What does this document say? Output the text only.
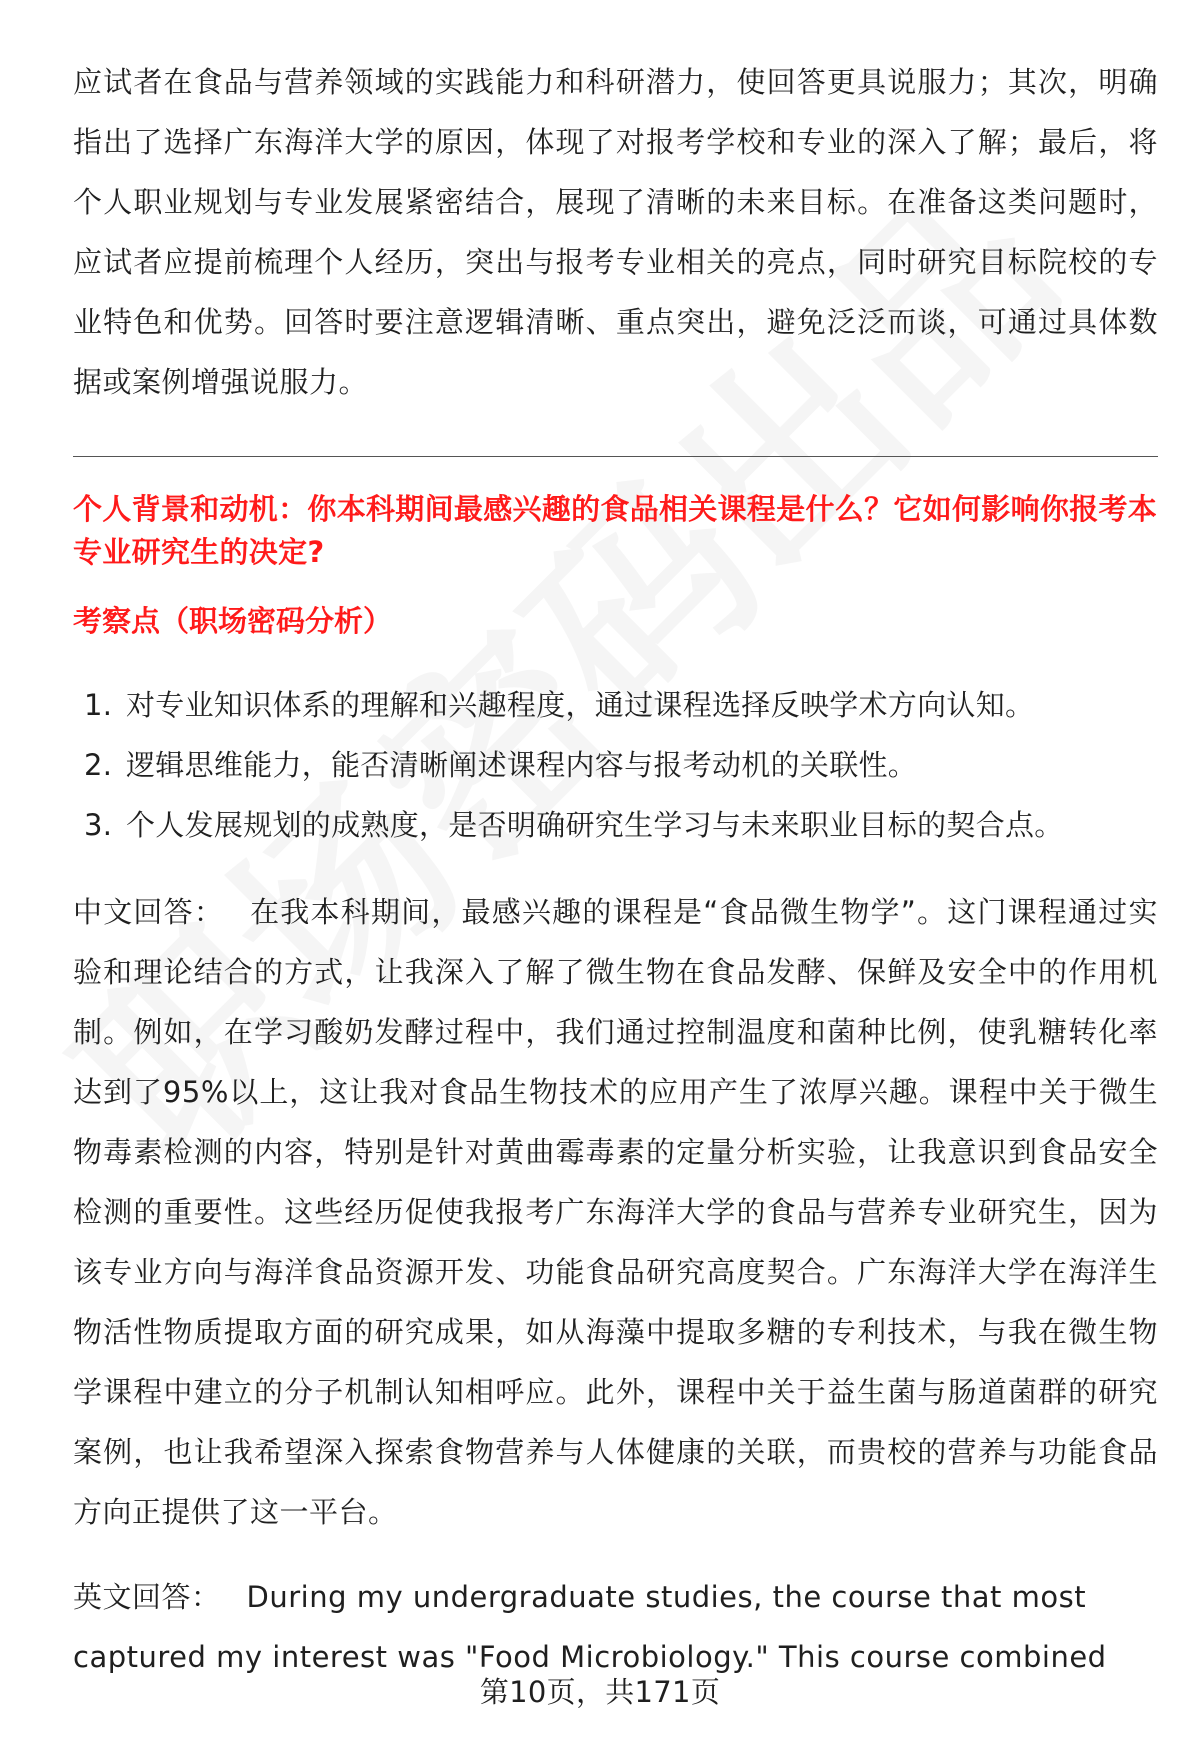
应试者在食品与营养领域的实践能力和科研潜力，使回答更具说服力；其次，明确指出了选择广东海洋大学的原因，体现了对报考学校和专业的深入了解；最后，将个人职业规划与专业发展紧密结合，展现了清晰的未来目标。在准备这类问题时，应试者应提前梳理个人经历，突出与报考专业相关的亮点，同时研究目标院校的专业特色和优势。回答时要注意逻辑清晰、重点突出，避免泛泛而谈，可通过具体数据或案例增强说服力。

个人背景和动机：你本科期间最感兴趣的食品相关课程是什么？它如何影响你报考本专业研究生的决定?
考察点（职场密码分析）
1. 对专业知识体系的理解和兴趣程度，通过课程选择反映学术方向认知。
2. 逻辑思维能力，能否清晰阐述课程内容与报考动机的关联性。
3. 个人发展规划的成熟度，是否明确研究生学习与未来职业目标的契合点。

中文回答： 在我本科期间，最感兴趣的课程是“食品微生物学”。这门课程通过实验和理论结合的方式，让我深入了解了微生物在食品发酵、保鲜及安全中的作用机制。例如，在学习酸奶发酵过程中，我们通过控制温度和菌种比例，使乳糖转化率达到了95%以上，这让我对食品生物技术的应用产生了浓厚兴趣。课程中关于微生物毒素检测的内容，特别是针对黄曲霉毒素的定量分析实验，让我意识到食品安全检测的重要性。这些经历促使我报考广东海洋大学的食品与营养专业研究生，因为该专业方向与海洋食品资源开发、功能食品研究高度契合。广东海洋大学在海洋生物活性物质提取方面的研究成果，如从海藻中提取多糖的专利技术，与我在微生物学课程中建立的分子机制认知相呼应。此外，课程中关于益生菌与肠道菌群的研究案例，也让我希望深入探索食物营养与人体健康的关联，而贵校的营养与功能食品方向正提供了这一平台。

英文回答： During my undergraduate studies, the course that most

captured my interest was "Food Microbiology." This course combined

第10页，共171页
